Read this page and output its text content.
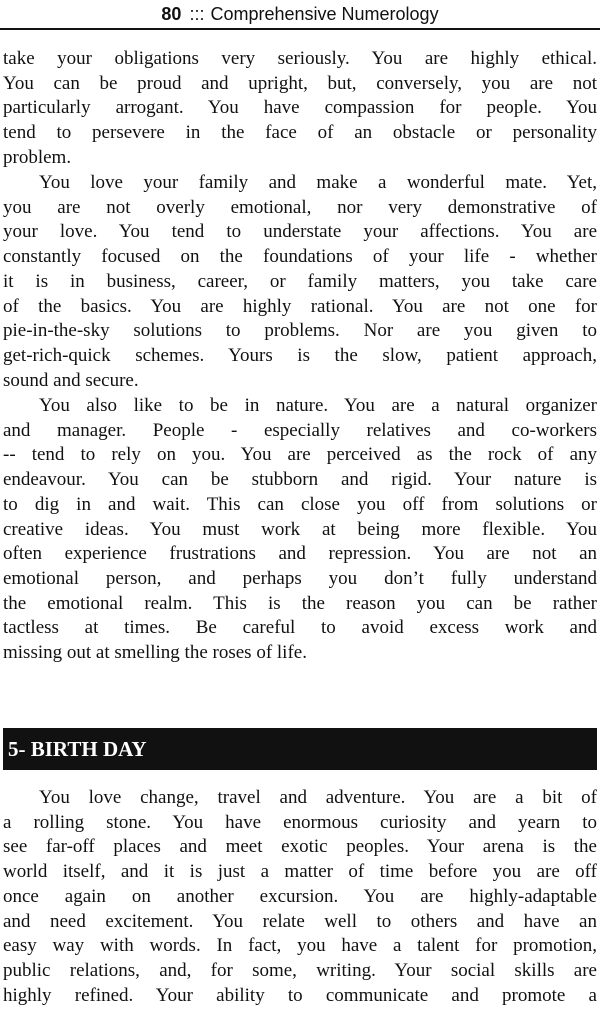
80 ::: Comprehensive Numerology

take your obligations very seriously. You are highly ethical.
You can be proud and upright, but, conversely, you are not
particularly arrogant. You have compassion for people. You
tend to persevere in the face of an obstacle or personality
problem.

You love your family and make a wonderful mate. Yet,
you are not overly emotional, nor very demonstrative of
your love. You tend to understate your affections. You are
constantly focused on the foundations of your life - whether
it is in business, career, or family matters, you take care
of the basics. You are highly rational. You are not one for
pie-in-the-sky solutions to problems. Nor are you given to
get-rich-quick schemes. Yours is the slow, patient approach,
sound and secure.

You also like to be in nature. You are a natural organizer
and manager. People - especially relatives and co-workers
-- tend to rely on you. You are perceived as the rock of any
endeavour. You can be stubborn and rigid. Your nature is
to dig in and wait. This can close you off from solutions or
creative ideas. You must work at being more flexible. You
often experience frustrations and repression. You are not an
emotional person, and perhaps you don’t fully understand
the emotional realm. This is the reason you can be rather
tactless at times. Be careful to avoid excess work and
missing out at smelling the roses of life.

5- BIRTH DAY

You love change, travel and adventure. You are a bit of
a rolling stone. You have enormous curiosity and yearn to
see far-off places and meet exotic peoples. Your arena is the
world itself, and it is just a matter of time before you are off
once again on another excursion. You are highly-adaptable
and need excitement. You relate well to others and have an
easy way with words. In fact, you have a talent for promotion,
public relations, and, for some, writing. Your social skills are
highly refined. Your ability to communicate and promote a
